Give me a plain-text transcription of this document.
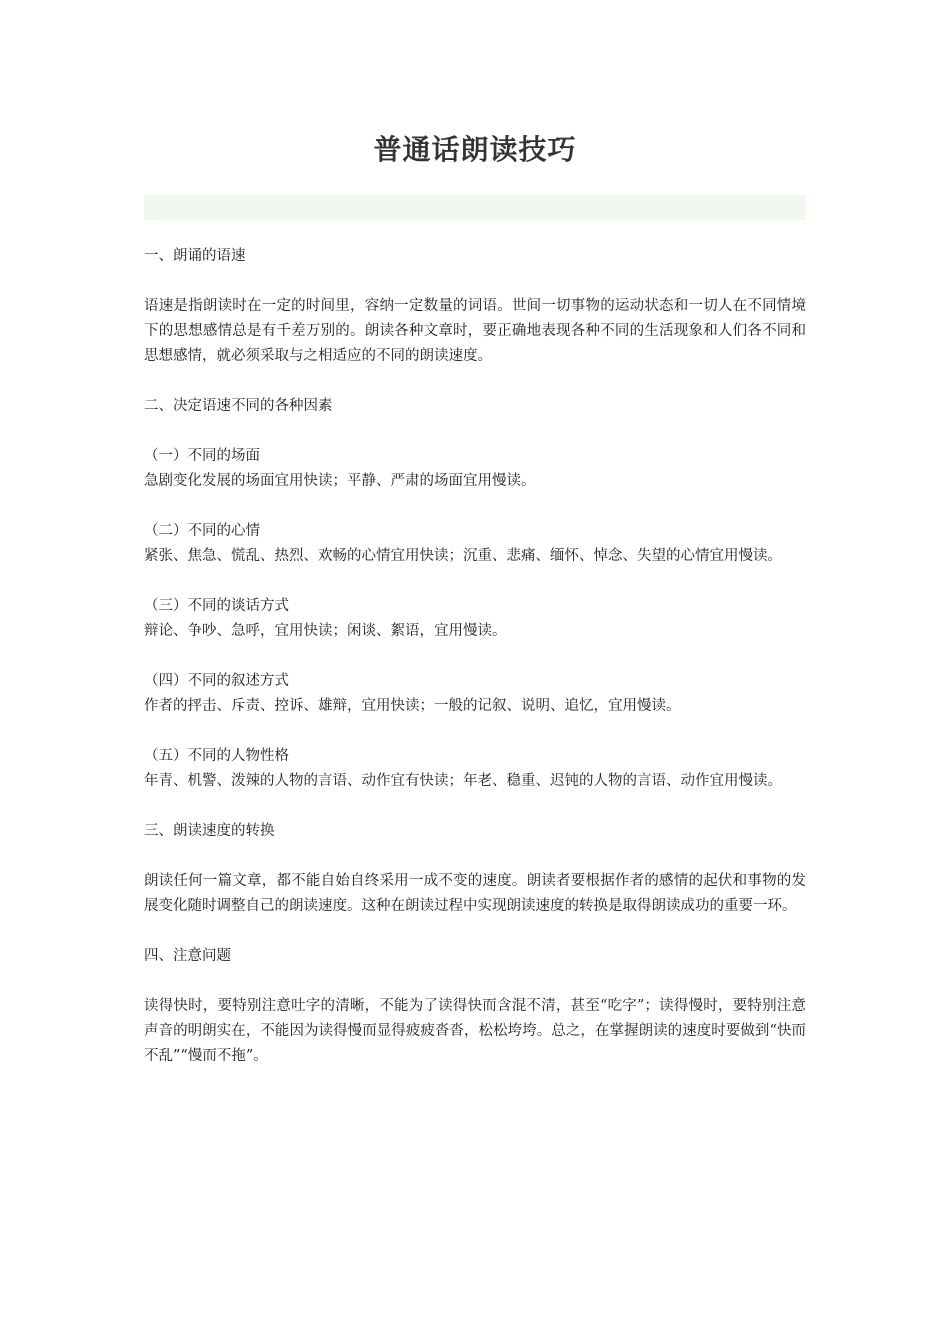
普通话朗读技巧

一、朗诵的语速

语速是指朗读时在一定的时间里，容纳一定数量的词语。世间一切事物的运动状态和一切人在不同情境下的思想感情总是有千差万别的。朗读各种文章时，要正确地表现各种不同的生活现象和人们各不同和思想感情，就必须采取与之相适应的不同的朗读速度。

二、决定语速不同的各种因素

（一）不同的场面

急剧变化发展的场面宜用快读；平静、严肃的场面宜用慢读。

（二）不同的心情

紧张、焦急、慌乱、热烈、欢畅的心情宜用快读；沉重、悲痛、缅怀、悼念、失望的心情宜用慢读。

（三）不同的谈话方式

辩论、争吵、急呼，宜用快读；闲谈、絮语，宜用慢读。

（四）不同的叙述方式

作者的抨击、斥责、控诉、雄辩，宜用快读；一般的记叙、说明、追忆，宜用慢读。

（五）不同的人物性格

年青、机警、泼辣的人物的言语、动作宜有快读；年老、稳重、迟钝的人物的言语、动作宜用慢读。

三、朗读速度的转换

朗读任何一篇文章，都不能自始自终采用一成不变的速度。朗读者要根据作者的感情的起伏和事物的发展变化随时调整自己的朗读速度。这种在朗读过程中实现朗读速度的转换是取得朗读成功的重要一环。

四、注意问题

读得快时，要特别注意吐字的清晰，不能为了读得快而含混不清，甚至“吃字”；读得慢时，要特别注意声音的明朗实在，不能因为读得慢而显得疲疲沓沓，松松垮垮。总之，在掌握朗读的速度时要做到“快而不乱”“慢而不拖”。
